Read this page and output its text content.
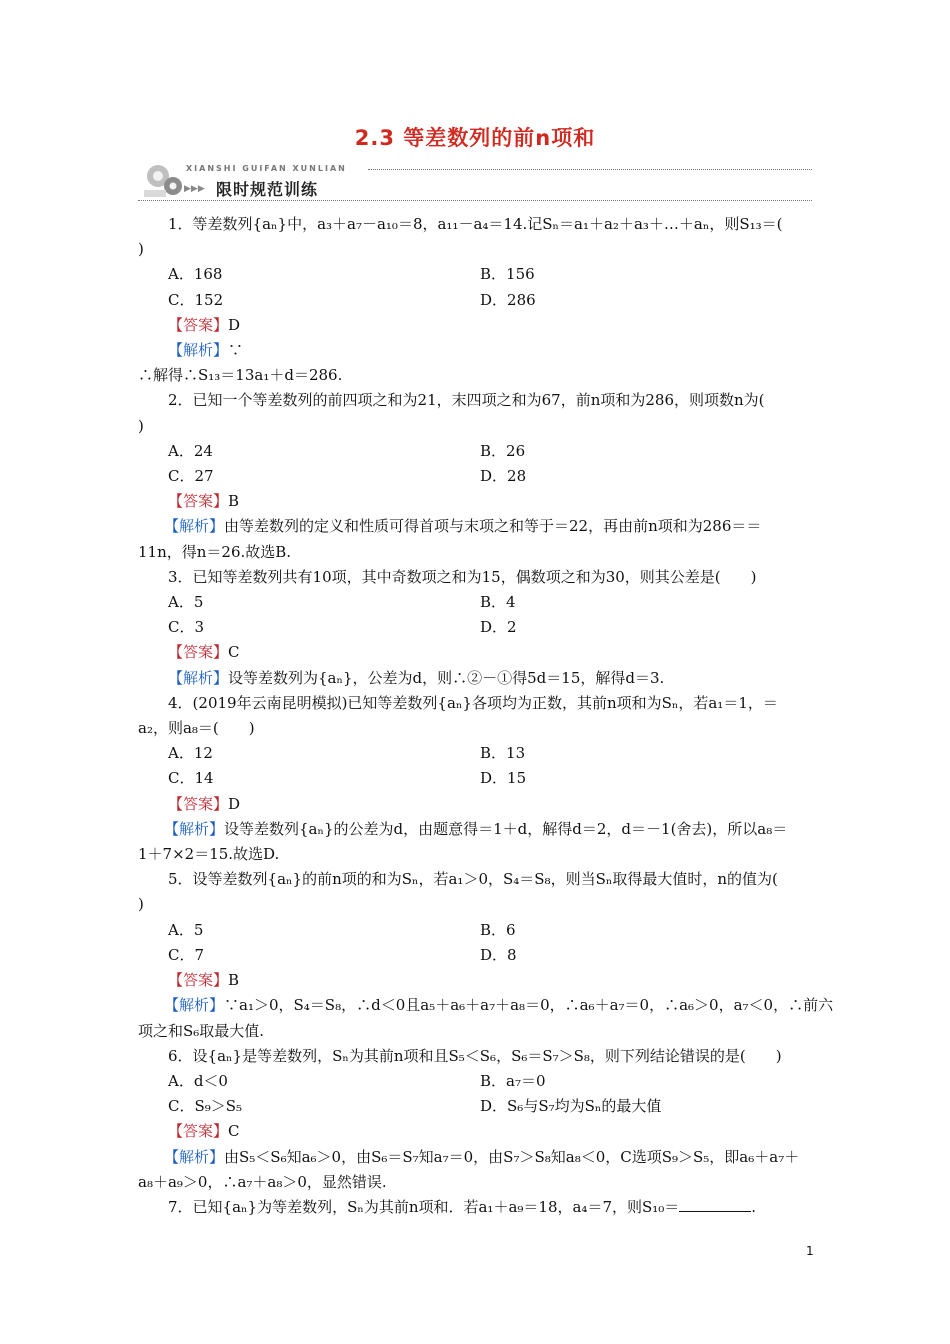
2.3 等差数列的前n项和
XIANSHI GUIFAN XUNLIAN
▶▶▶ 限时规范训练
1．等差数列{aₙ}中，a₃＋a₇－a₁₀＝8，a₁₁－a₄＝14.记Sₙ＝a₁＋a₂＋a₃＋…＋aₙ，则S₁₃＝(
)
A．168	B．156
C．152	D．286
【答案】D
【解析】∵
∴解得∴S₁₃＝13a₁＋d＝286.
2．已知一个等差数列的前四项之和为21，末四项之和为67，前n项和为286，则项数n为(
)
A．24	B．26
C．27	D．28
【答案】B
【解析】由等差数列的定义和性质可得首项与末项之和等于＝22，再由前n项和为286＝＝
11n，得n＝26.故选B.
3．已知等差数列共有10项，其中奇数项之和为15，偶数项之和为30，则其公差是(　　)
A．5	B．4
C．3	D．2
【答案】C
【解析】设等差数列为{aₙ}，公差为d，则∴②－①得5d＝15，解得d＝3.
4．(2019年云南昆明模拟)已知等差数列{aₙ}各项均为正数，其前n项和为Sₙ，若a₁＝1，＝
a₂，则a₈＝(　　)
A．12	B．13
C．14	D．15
【答案】D
【解析】设等差数列{aₙ}的公差为d，由题意得＝1＋d，解得d＝2，d＝－1(舍去)，所以a₈＝
1＋7×2＝15.故选D.
5．设等差数列{aₙ}的前n项的和为Sₙ，若a₁＞0，S₄＝S₈，则当Sₙ取得最大值时，n的值为(
)
A．5	B．6
C．7	D．8
【答案】B
【解析】∵a₁＞0，S₄＝S₈，∴d＜0且a₅＋a₆＋a₇＋a₈＝0，∴a₆＋a₇＝0，∴a₆＞0，a₇＜0，∴前六
项之和S₆取最大值.
6．设{aₙ}是等差数列，Sₙ为其前n项和且S₅＜S₆，S₆＝S₇＞S₈，则下列结论错误的是(　　)
A．d＜0	B．a₇＝0
C．S₉＞S₅	D．S₆与S₇均为Sₙ的最大值
【答案】C
【解析】由S₅＜S₆知a₆＞0，由S₆＝S₇知a₇＝0，由S₇＞S₈知a₈＜0，C选项S₉＞S₅，即a₆＋a₇＋
a₈＋a₉＞0，∴a₇＋a₈＞0，显然错误.
7．已知{aₙ}为等差数列，Sₙ为其前n项和．若a₁＋a₉＝18，a₄＝7，则S₁₀＝	.
1
